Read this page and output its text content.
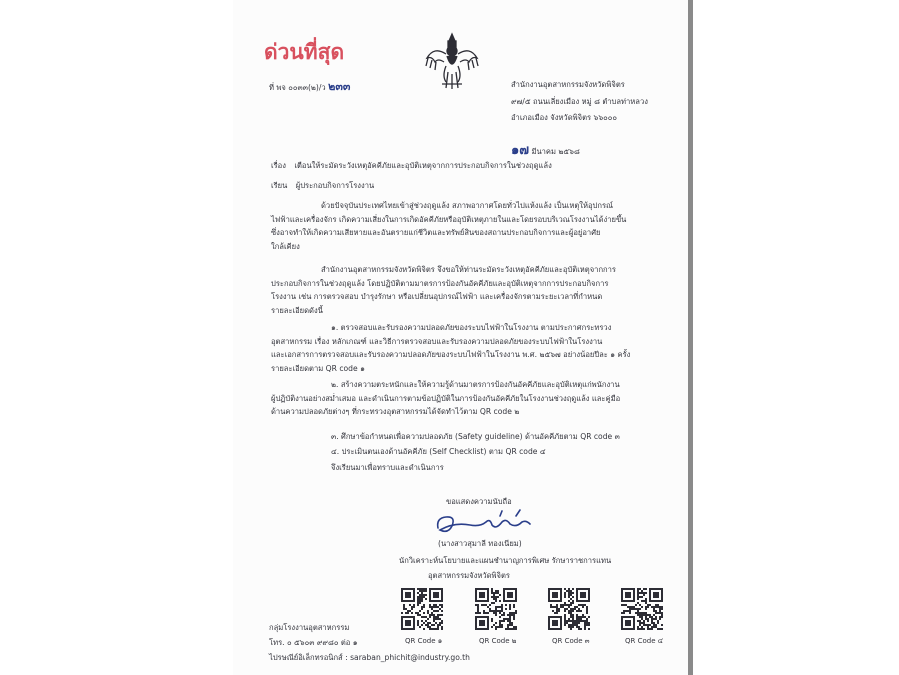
ด่วนที่สุด
ที่ พจ ๐๐๓๓(๒)/ว ๒๓๓	สำนักงานอุตสาหกรรมจังหวัดพิจิตร
๙๗/๕ ถนนเลี่ยงเมือง หมู่ ๘ ตำบลท่าหลวง
อำเภอเมือง จังหวัดพิจิตร ๖๖๐๐๐
๑๗ มีนาคม ๒๕๖๘
เรื่อง เตือนให้ระมัดระวังเหตุอัคคีภัยและอุบัติเหตุจากการประกอบกิจการในช่วงฤดูแล้ง
เรียน ผู้ประกอบกิจการโรงงาน
ด้วยปัจจุบันประเทศไทยเข้าสู่ช่วงฤดูแล้ง สภาพอากาศโดยทั่วไปแห้งแล้ง เป็นเหตุให้อุปกรณ์
ไฟฟ้าและเครื่องจักร เกิดความเสี่ยงในการเกิดอัคคีภัยหรืออุบัติเหตุภายในและโดยรอบบริเวณโรงงานได้ง่ายขึ้น
ซึ่งอาจทำให้เกิดความเสียหายและอันตรายแก่ชีวิตและทรัพย์สินของสถานประกอบกิจการและผู้อยู่อาศัย
ใกล้เคียง
สำนักงานอุตสาหกรรมจังหวัดพิจิตร จึงขอให้ท่านระมัดระวังเหตุอัคคีภัยและอุบัติเหตุจากการ
ประกอบกิจการในช่วงฤดูแล้ง โดยปฏิบัติตามมาตรการป้องกันอัคคีภัยและอุบัติเหตุจากการประกอบกิจการ
โรงงาน เช่น การตรวจสอบ บำรุงรักษา หรือเปลี่ยนอุปกรณ์ไฟฟ้า และเครื่องจักรตามระยะเวลาที่กำหนด
รายละเอียดดังนี้
๑. ตรวจสอบและรับรองความปลอดภัยของระบบไฟฟ้าในโรงงาน ตามประกาศกระทรวง
อุตสาหกรรม เรื่อง หลักเกณฑ์ และวิธีการตรวจสอบและรับรองความปลอดภัยของระบบไฟฟ้าในโรงงาน
และเอกสารการตรวจสอบและรับรองความปลอดภัยของระบบไฟฟ้าในโรงงาน พ.ศ. ๒๕๖๗ อย่างน้อยปีละ ๑ ครั้ง
รายละเอียดตาม QR code ๑
๒. สร้างความตระหนักและให้ความรู้ด้านมาตรการป้องกันอัคคีภัยและอุบัติเหตุแก่พนักงาน
ผู้ปฏิบัติงานอย่างสม่ำเสมอ และดำเนินการตามข้อปฏิบัติในการป้องกันอัคคีภัยในโรงงานช่วงฤดูแล้ง และคู่มือ
ด้านความปลอดภัยต่างๆ ที่กระทรวงอุตสาหกรรมได้จัดทำไว้ตาม QR code ๒
๓. ศึกษาข้อกำหนดเพื่อความปลอดภัย (Safety guideline) ด้านอัคคีภัยตาม QR code ๓
๔. ประเมินตนเองด้านอัคคีภัย (Self Checklist) ตาม QR code ๔
จึงเรียนมาเพื่อทราบและดำเนินการ
ขอแสดงความนับถือ
(นางสาวสุมาลี ทองเนียม)
นักวิเคราะห์นโยบายและแผนชำนาญการพิเศษ รักษาราชการแทน
อุตสาหกรรมจังหวัดพิจิตร
QR Code ๑	QR Code ๒	QR Code ๓	QR Code ๔
กลุ่มโรงงานอุตสาหกรรม
โทร. ๐ ๕๖๐๓ ๙๙๘๐ ต่อ ๑
ไปรษณีย์อิเล็กทรอนิกส์ : saraban_phichit@industry.go.th
